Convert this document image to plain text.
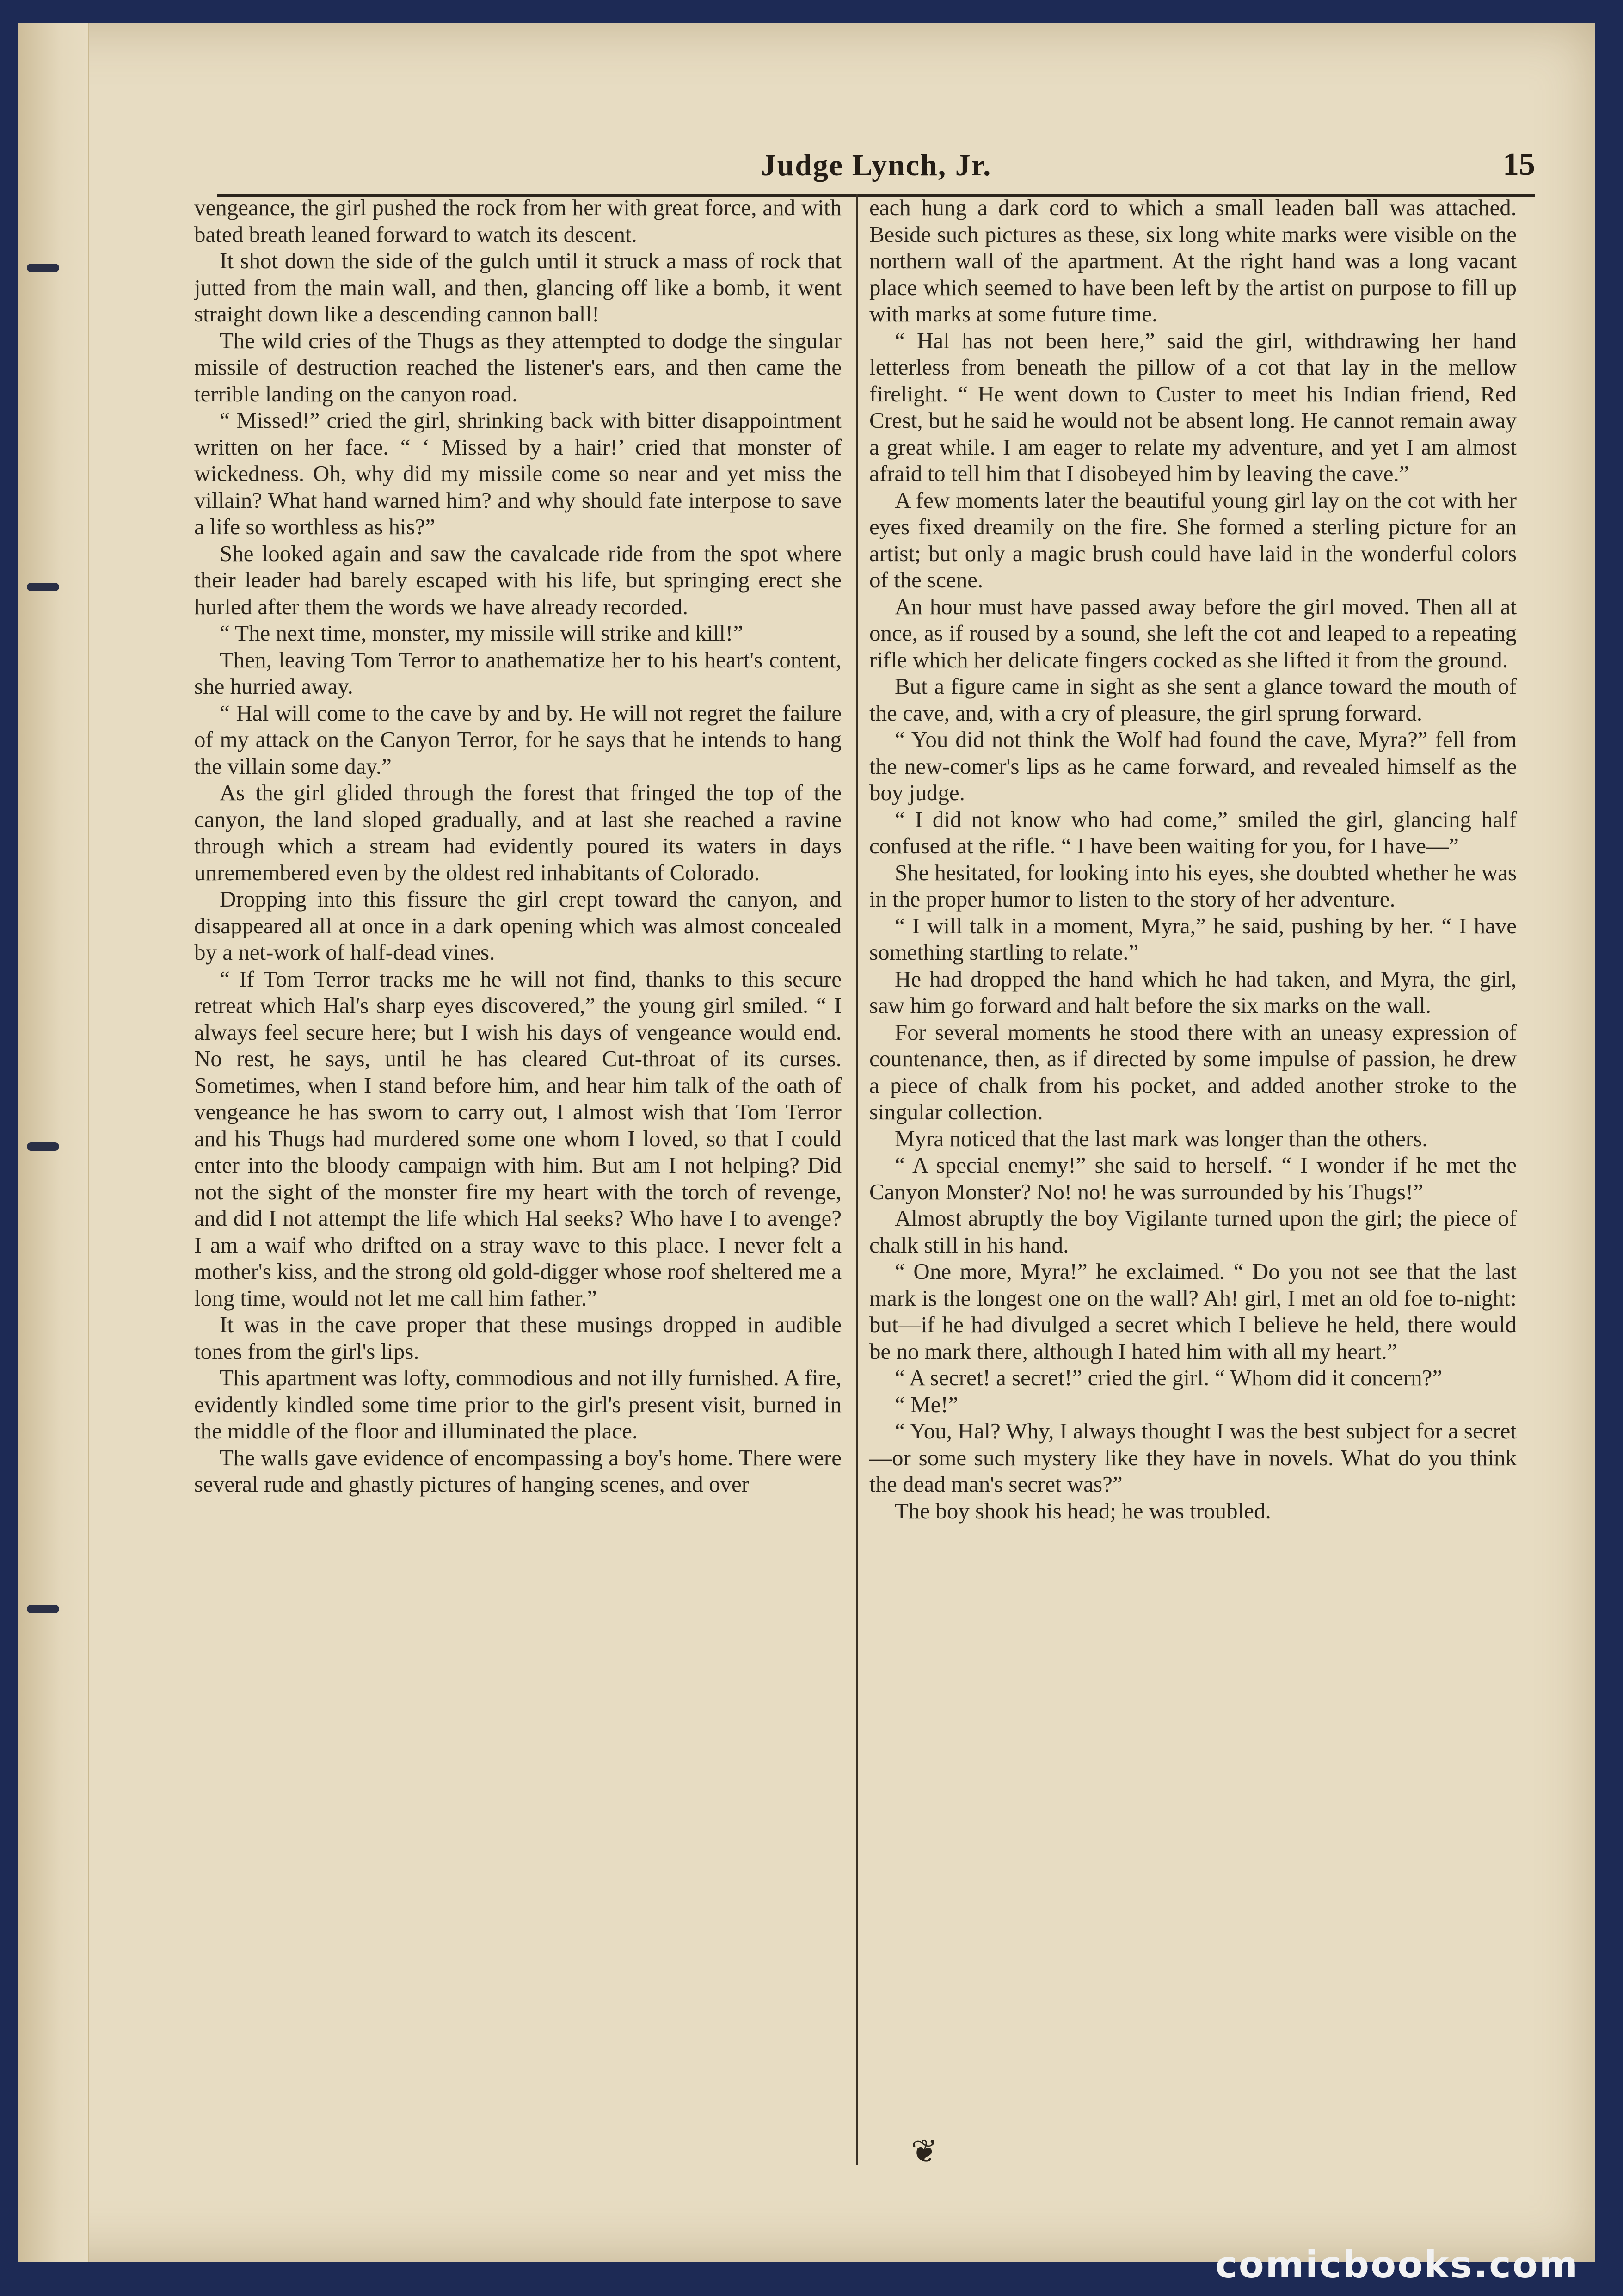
Judge Lynch, Jr.	15

vengeance, the girl pushed the rock from her with great force, and with bated breath leaned forward to watch its descent.

It shot down the side of the gulch until it struck a mass of rock that jutted from the main wall, and then, glancing off like a bomb, it went straight down like a descending cannon ball!

The wild cries of the Thugs as they attempted to dodge the singular missile of destruction reached the listener's ears, and then came the terrible landing on the canyon road.

“ Missed!” cried the girl, shrinking back with bitter disappointment written on her face. “ ‘ Missed by a hair!’ cried that monster of wickedness. Oh, why did my missile come so near and yet miss the villain? What hand warned him? and why should fate interpose to save a life so worthless as his?”

She looked again and saw the cavalcade ride from the spot where their leader had barely escaped with his life, but springing erect she hurled after them the words we have already recorded.

“ The next time, monster, my missile will strike and kill!”

Then, leaving Tom Terror to anathematize her to his heart's content, she hurried away.

“ Hal will come to the cave by and by. He will not regret the failure of my attack on the Canyon Terror, for he says that he intends to hang the villain some day.”

As the girl glided through the forest that fringed the top of the canyon, the land sloped gradually, and at last she reached a ravine through which a stream had evidently poured its waters in days unremembered even by the oldest red inhabitants of Colorado.

Dropping into this fissure the girl crept toward the canyon, and disappeared all at once in a dark opening which was almost concealed by a net-work of half-dead vines.

“ If Tom Terror tracks me he will not find, thanks to this secure retreat which Hal's sharp eyes discovered,” the young girl smiled. “ I always feel secure here; but I wish his days of vengeance would end. No rest, he says, until he has cleared Cut-throat of its curses. Sometimes, when I stand before him, and hear him talk of the oath of vengeance he has sworn to carry out, I almost wish that Tom Terror and his Thugs had murdered some one whom I loved, so that I could enter into the bloody campaign with him. But am I not helping? Did not the sight of the monster fire my heart with the torch of revenge, and did I not attempt the life which Hal seeks? Who have I to avenge? I am a waif who drifted on a stray wave to this place. I never felt a mother's kiss, and the strong old gold-digger whose roof sheltered me a long time, would not let me call him father.”

It was in the cave proper that these musings dropped in audible tones from the girl's lips.

This apartment was lofty, commodious and not illy furnished. A fire, evidently kindled some time prior to the girl's present visit, burned in the middle of the floor and illuminated the place.

The walls gave evidence of encompassing a boy's home. There were several rude and ghastly pictures of hanging scenes, and over

each hung a dark cord to which a small leaden ball was attached. Beside such pictures as these, six long white marks were visible on the northern wall of the apartment. At the right hand was a long vacant place which seemed to have been left by the artist on purpose to fill up with marks at some future time.

“ Hal has not been here,” said the girl, withdrawing her hand letterless from beneath the pillow of a cot that lay in the mellow firelight. “ He went down to Custer to meet his Indian friend, Red Crest, but he said he would not be absent long. He cannot remain away a great while. I am eager to relate my adventure, and yet I am almost afraid to tell him that I disobeyed him by leaving the cave.”

A few moments later the beautiful young girl lay on the cot with her eyes fixed dreamily on the fire. She formed a sterling picture for an artist; but only a magic brush could have laid in the wonderful colors of the scene.

An hour must have passed away before the girl moved. Then all at once, as if roused by a sound, she left the cot and leaped to a repeating rifle which her delicate fingers cocked as she lifted it from the ground.

But a figure came in sight as she sent a glance toward the mouth of the cave, and, with a cry of pleasure, the girl sprung forward.

“ You did not think the Wolf had found the cave, Myra?” fell from the new-comer's lips as he came forward, and revealed himself as the boy judge.

“ I did not know who had come,” smiled the girl, glancing half confused at the rifle. “ I have been waiting for you, for I have—”

She hesitated, for looking into his eyes, she doubted whether he was in the proper humor to listen to the story of her adventure.

“ I will talk in a moment, Myra,” he said, pushing by her. “ I have something startling to relate.”

He had dropped the hand which he had taken, and Myra, the girl, saw him go forward and halt before the six marks on the wall.

For several moments he stood there with an uneasy expression of countenance, then, as if directed by some impulse of passion, he drew a piece of chalk from his pocket, and added another stroke to the singular collection.

Myra noticed that the last mark was longer than the others.

“ A special enemy!” she said to herself. “ I wonder if he met the Canyon Monster? No! no! he was surrounded by his Thugs!”

Almost abruptly the boy Vigilante turned upon the girl; the piece of chalk still in his hand.

“ One more, Myra!” he exclaimed. “ Do you not see that the last mark is the longest one on the wall? Ah! girl, I met an old foe to-night: but—if he had divulged a secret which I believe he held, there would be no mark there, although I hated him with all my heart.”

“ A secret! a secret!” cried the girl. “ Whom did it concern?”

“ Me!”

“ You, Hal? Why, I always thought I was the best subject for a secret—or some such mystery like they have in novels. What do you think the dead man's secret was?”

The boy shook his head; he was troubled.

❦
comicbooks.com
